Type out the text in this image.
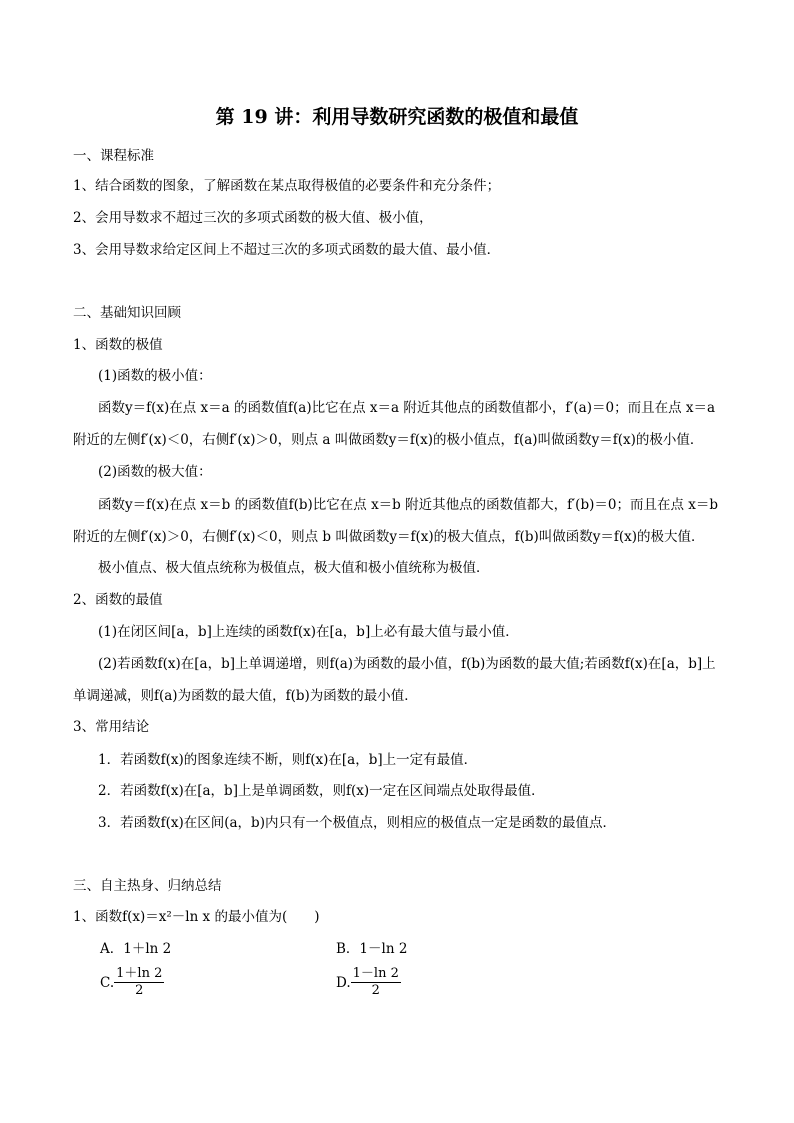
第 19 讲：利用导数研究函数的极值和最值
一、课程标准
1、结合函数的图象，了解函数在某点取得极值的必要条件和充分条件；
2、会用导数求不超过三次的多项式函数的极大值、极小值，
3、会用导数求给定区间上不超过三次的多项式函数的最大值、最小值．
二、基础知识回顾
1、函数的极值
(1)函数的极小值：
函数y＝f(x)在点 x＝a 的函数值f(a)比它在点 x＝a 附近其他点的函数值都小，f′(a)＝0；而且在点 x＝a
附近的左侧f′(x)＜0，右侧f′(x)＞0，则点 a 叫做函数y＝f(x)的极小值点，f(a)叫做函数y＝f(x)的极小值．
(2)函数的极大值：
函数y＝f(x)在点 x＝b 的函数值f(b)比它在点 x＝b 附近其他点的函数值都大，f′(b)＝0；而且在点 x＝b
附近的左侧f′(x)＞0，右侧f′(x)＜0，则点 b 叫做函数y＝f(x)的极大值点，f(b)叫做函数y＝f(x)的极大值．
极小值点、极大值点统称为极值点，极大值和极小值统称为极值．
2、函数的最值
(1)在闭区间[a，b]上连续的函数f(x)在[a，b]上必有最大值与最小值．
(2)若函数f(x)在[a，b]上单调递增，则f(a)为函数的最小值，f(b)为函数的最大值;若函数f(x)在[a，b]上
单调递减，则f(a)为函数的最大值，f(b)为函数的最小值．
3、常用结论
1．若函数f(x)的图象连续不断，则f(x)在[a，b]上一定有最值．
2．若函数f(x)在[a，b]上是单调函数，则f(x)一定在区间端点处取得最值．
3．若函数f(x)在区间(a，b)内只有一个极值点，则相应的极值点一定是函数的最值点．
三、自主热身、归纳总结
1、函数f(x)＝x²－ln x 的最小值为(　　)
A．1＋ln 2	B．1－ln 2
C. $\frac{1+\ln 2}{2}$	D. $\frac{1-\ln 2}{2}$
